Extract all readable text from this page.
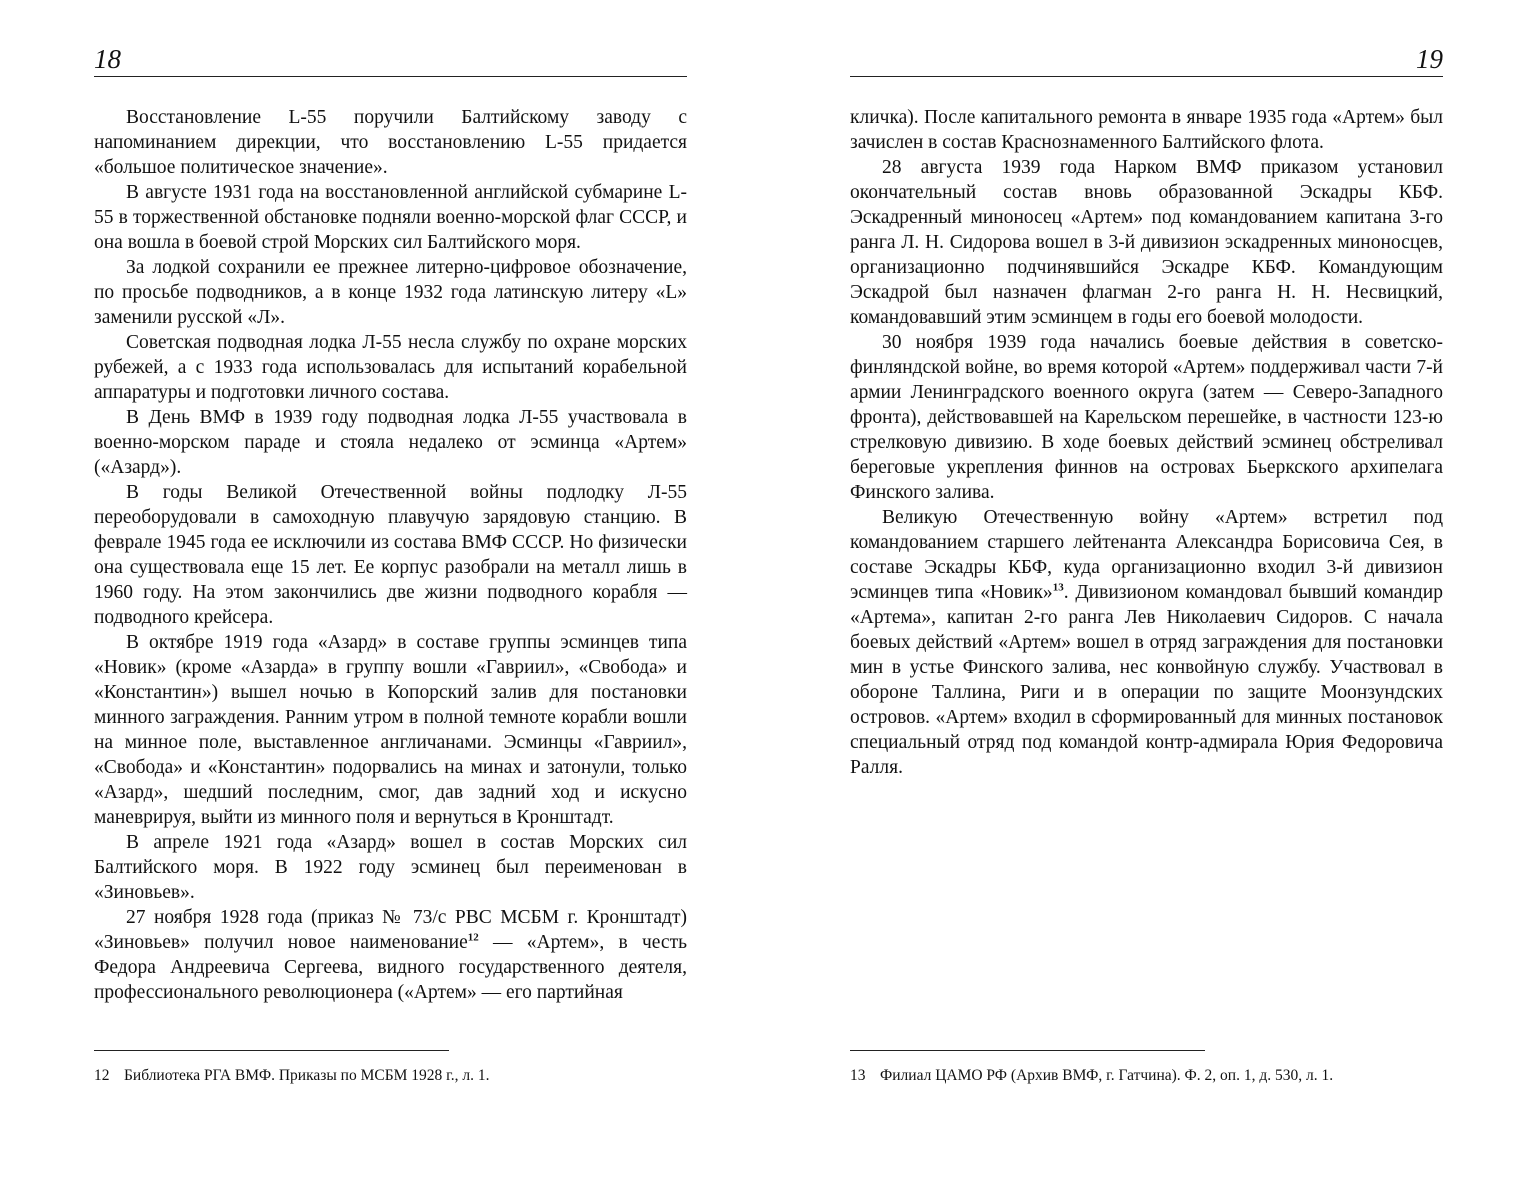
18

Восстановление L-55 поручили Балтийскому заводу с напоминанием дирекции, что восстановлению L-55 придается «большое политическое значение».

В августе 1931 года на восстановленной английской субмарине L-55 в торжественной обстановке подняли военно-морской флаг СССР, и она вошла в боевой строй Морских сил Балтийского моря.

За лодкой сохранили ее прежнее литерно-цифровое обозначение, по просьбе подводников, а в конце 1932 года латинскую литеру «L» заменили русской «Л».

Советская подводная лодка Л-55 несла службу по охране морских рубежей, а с 1933 года использовалась для испытаний корабельной аппаратуры и подготовки личного состава.

В День ВМФ в 1939 году подводная лодка Л-55 участвовала в военно-морском параде и стояла недалеко от эсминца «Артем» («Азард»).

В годы Великой Отечественной войны подлодку Л-55 переоборудовали в самоходную плавучую зарядовую станцию. В феврале 1945 года ее исключили из состава ВМФ СССР. Но физически она существовала еще 15 лет. Ее корпус разобрали на металл лишь в 1960 году. На этом закончились две жизни подводного корабля — подводного крейсера.

В октябре 1919 года «Азард» в составе группы эсминцев типа «Новик» (кроме «Азарда» в группу вошли «Гавриил», «Свобода» и «Константин») вышел ночью в Копорский залив для постановки минного заграждения. Ранним утром в полной темноте корабли вошли на минное поле, выставленное англичанами. Эсминцы «Гавриил», «Свобода» и «Константин» подорвались на минах и затонули, только «Азард», шедший последним, смог, дав задний ход и искусно маневрируя, выйти из минного поля и вернуться в Кронштадт.

В апреле 1921 года «Азард» вошел в состав Морских сил Балтийского моря. В 1922 году эсминец был переименован в «Зиновьев».

27 ноября 1928 года (приказ № 73/с РВС МСБМ г. Кронштадт) «Зиновьев» получил новое наименование$^{12}$ — «Артем», в честь Федора Андреевича Сергеева, видного государственного деятеля, профессионального революционера («Артем» — его партийная

12 Библиотека РГА ВМФ. Приказы по МСБМ 1928 г., л. 1.
19

кличка). После капитального ремонта в январе 1935 года «Артем» был зачислен в состав Краснознаменного Балтийского флота.

28 августа 1939 года Нарком ВМФ приказом установил окончательный состав вновь образованной Эскадры КБФ. Эскадренный миноносец «Артем» под командованием капитана 3-го ранга Л. Н. Сидорова вошел в 3-й дивизион эскадренных миноносцев, организационно подчинявшийся Эскадре КБФ. Командующим Эскадрой был назначен флагман 2-го ранга Н. Н. Несвицкий, командовавший этим эсминцем в годы его боевой молодости.

30 ноября 1939 года начались боевые действия в советско-финляндской войне, во время которой «Артем» поддерживал части 7-й армии Ленинградского военного округа (затем — Северо-Западного фронта), действовавшей на Карельском перешейке, в частности 123-ю стрелковую дивизию. В ходе боевых действий эсминец обстреливал береговые укрепления финнов на островах Бьеркского архипелага Финского залива.

Великую Отечественную войну «Артем» встретил под командованием старшего лейтенанта Александра Борисовича Сея, в составе Эскадры КБФ, куда организационно входил 3-й дивизион эсминцев типа «Новик»$^{13}$. Дивизионом командовал бывший командир «Артема», капитан 2-го ранга Лев Николаевич Сидоров. С начала боевых действий «Артем» вошел в отряд заграждения для постановки мин в устье Финского залива, нес конвойную службу. Участвовал в обороне Таллина, Риги и в операции по защите Моонзундских островов. «Артем» входил в сформированный для минных постановок специальный отряд под командой контр-адмирала Юрия Федоровича Ралля.

13 Филиал ЦАМО РФ (Архив ВМФ, г. Гатчина). Ф. 2, оп. 1, д. 530, л. 1.
